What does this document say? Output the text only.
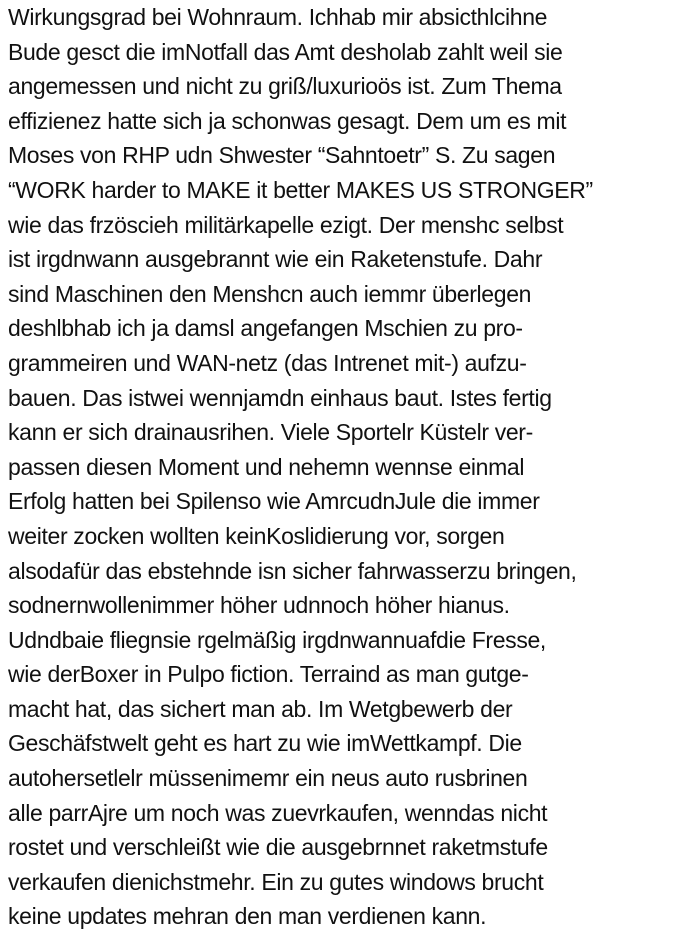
Wirkungsgrad bei Wohnraum. Ichhab mir absicthlcihne
Bude gesct die imNotfall das Amt desholab zahlt weil sie
angemessen und nicht zu griß/luxurioös ist. Zum Thema
effizienez hatte sich ja schonwas gesagt. Dem um es mit
Moses von RHP udn Shwester “Sahntoetr” S. Zu sagen
“WORK harder to MAKE it better MAKES US STRONGER”
wie das frzöscieh militärkapelle ezigt. Der menshc selbst
ist irgdnwann ausgebrannt wie ein Raketenstufe. Dahr
sind Maschinen den Menshcn auch iemmr überlegen
deshlbhab ich ja damsl angefangen Mschien zu pro-
grammeiren und WAN-netz (das Intrenet mit-) aufzu-
bauen. Das istwei wennjamdn einhaus baut. Istes fertig
kann er sich drainausrihen. Viele Sportelr Küstelr ver-
passen diesen Moment und nehemn wennse einmal
Erfolg hatten bei Spilenso wie AmrcudnJule die immer
weiter zocken wollten keinKoslidierung vor, sorgen
alsodafür das ebstehnde isn sicher fahrwasserzu bringen,
sodnernwollenimmer höher udnnoch höher hianus.
Udndbaie fliegnsie rgelmäßig irgdnwannuafdie Fresse,
wie derBoxer in Pulpo fiction. Terraind as man gutge-
macht hat, das sichert man ab. Im Wetgbewerb der
Geschäfstwelt geht es hart zu wie imWettkampf. Die
autohersetlelr müssenimemr ein neus auto rusbrinen
alle parrAjre um noch was zuevrkaufen, wenndas nicht
rostet und verschleißt wie die ausgebrnnet raketmstufe
verkaufen dienichstmehr. Ein zu gutes windows brucht
keine updates mehran den man verdienen kann.
